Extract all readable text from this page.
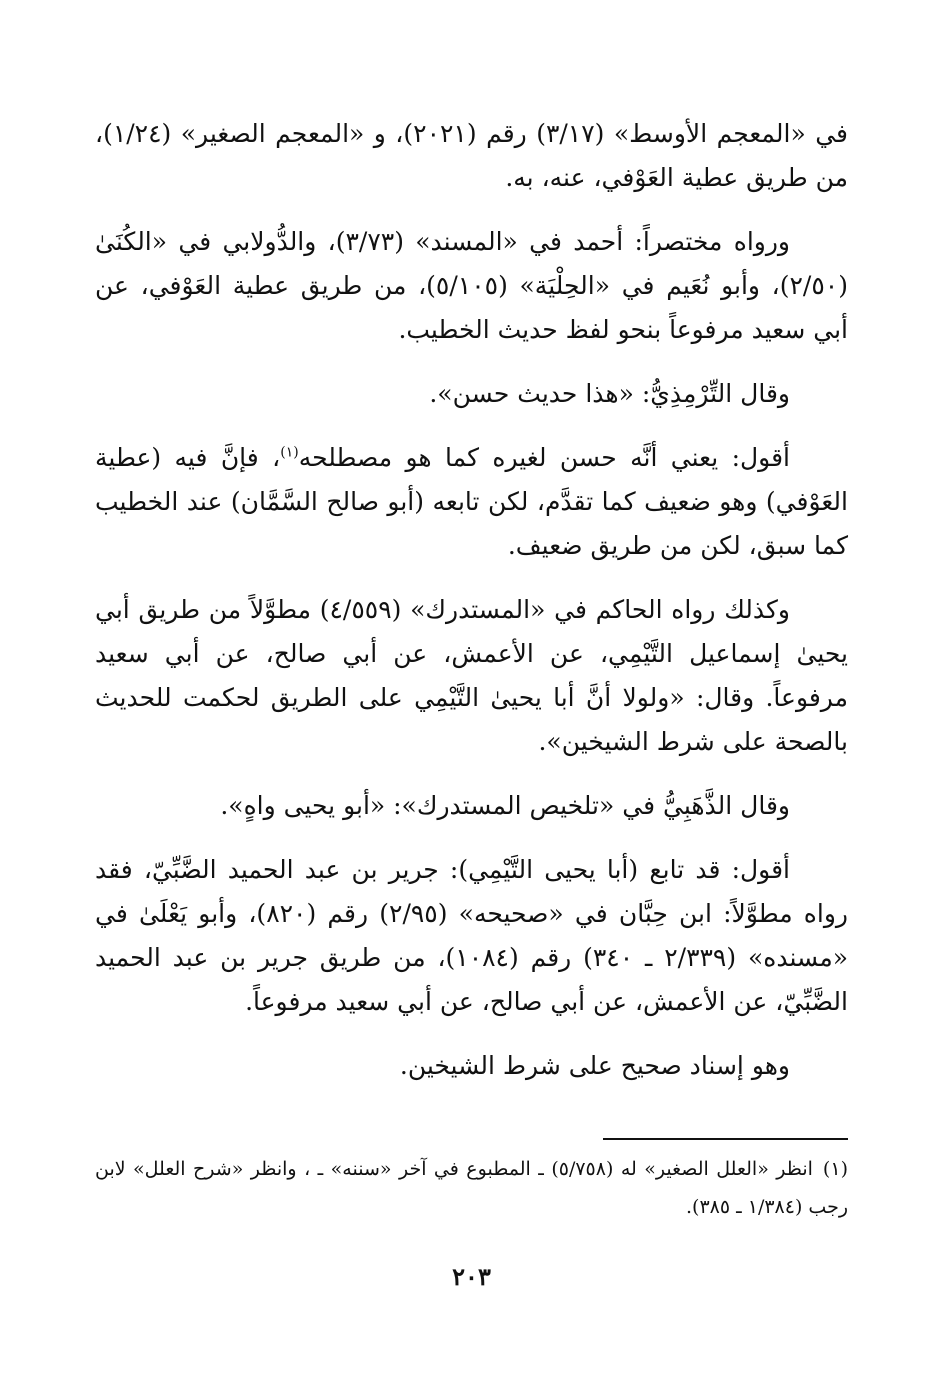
في «المعجم الأوسط» (٣/١٧) رقم (٢٠٢١)، و «المعجم الصغير» (١/٢٤)، من طريق عطية العَوْفي، عنه، به.

ورواه مختصراً: أحمد في «المسند» (٣/٧٣)، والدُّولابي في «الكُنَىٰ (٢/٥٠)، وأبو نُعَيم في «الحِلْيَة» (٥/١٠٥)، من طريق عطية العَوْفي، عن أبي سعيد مرفوعاً بنحو لفظ حديث الخطيب.

وقال التِّرْمِذِيُّ: «هذا حديث حسن».

أقول: يعني أنَّه حسن لغيره كما هو مصطلحه$^{(١)}$، فإنَّ فيه (عطية العَوْفي) وهو ضعيف كما تقدَّم، لكن تابعه (أبو صالح السَّمَّان) عند الخطيب كما سبق، لكن من طريق ضعيف.

وكذلك رواه الحاكم في «المستدرك» (٤/٥٥٩) مطوَّلاً من طريق أبي يحيىٰ إسماعيل التَّيْمِي، عن الأعمش، عن أبي صالح، عن أبي سعيد مرفوعاً. وقال: «ولولا أنَّ أبا يحيىٰ التَّيْمِي على الطريق لحكمت للحديث بالصحة على شرط الشيخين».

وقال الذَّهَبِيُّ في «تلخيص المستدرك»: «أبو يحيى واهٍ».

أقول: قد تابع (أبا يحيى التَّيْمِي): جرير بن عبد الحميد الضَّبِّيّ، فقد رواه مطوَّلاً: ابن حِبَّان في «صحيحه» (٢/٩٥) رقم (٨٢٠)، وأبو يَعْلَىٰ في «مسنده» (٢/٣٣٩ ـ ٣٤٠) رقم (١٠٨٤)، من طريق جرير بن عبد الحميد الضَّبِّيّ، عن الأعمش، عن أبي صالح، عن أبي سعيد مرفوعاً.

وهو إسناد صحيح على شرط الشيخين.

(١)انظر «العلل الصغير» له (٥/٧٥٨) ـ المطبوع في آخر «سننه» ـ ، وانظر «شرح العلل» لابن رجب (١/٣٨٤ ـ ٣٨٥).
٢٠٣
